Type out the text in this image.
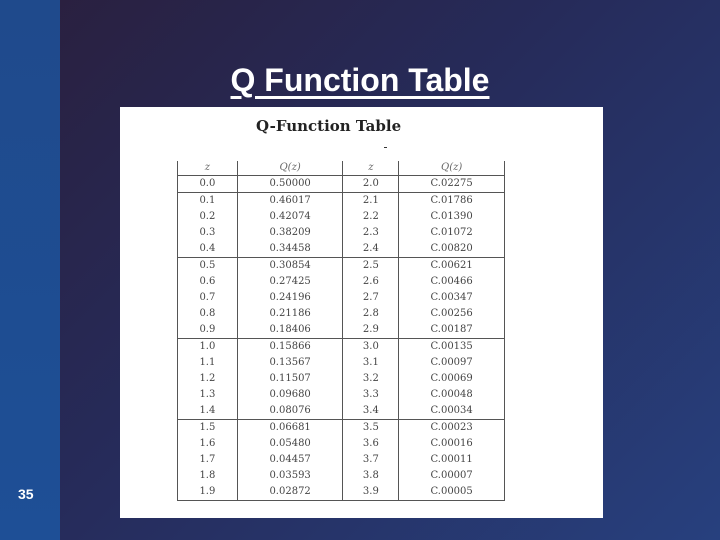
Q Function Table
Q-Function Table
z	Q(z)	z	Q(z)
0.0	0.50000	2.0	C.02275
0.1	0.46017	2.1	C.01786
0.2	0.42074	2.2	C.01390
0.3	0.38209	2.3	C.01072
0.4	0.34458	2.4	C.00820
0.5	0.30854	2.5	C.00621
0.6	0.27425	2.6	C.00466
0.7	0.24196	2.7	C.00347
0.8	0.21186	2.8	C.00256
0.9	0.18406	2.9	C.00187
1.0	0.15866	3.0	C.00135
1.1	0.13567	3.1	C.00097
1.2	0.11507	3.2	C.00069
1.3	0.09680	3.3	C.00048
1.4	0.08076	3.4	C.00034
1.5	0.06681	3.5	C.00023
1.6	0.05480	3.6	C.00016
1.7	0.04457	3.7	C.00011
1.8	0.03593	3.8	C.00007
1.9	0.02872	3.9	C.00005
35
